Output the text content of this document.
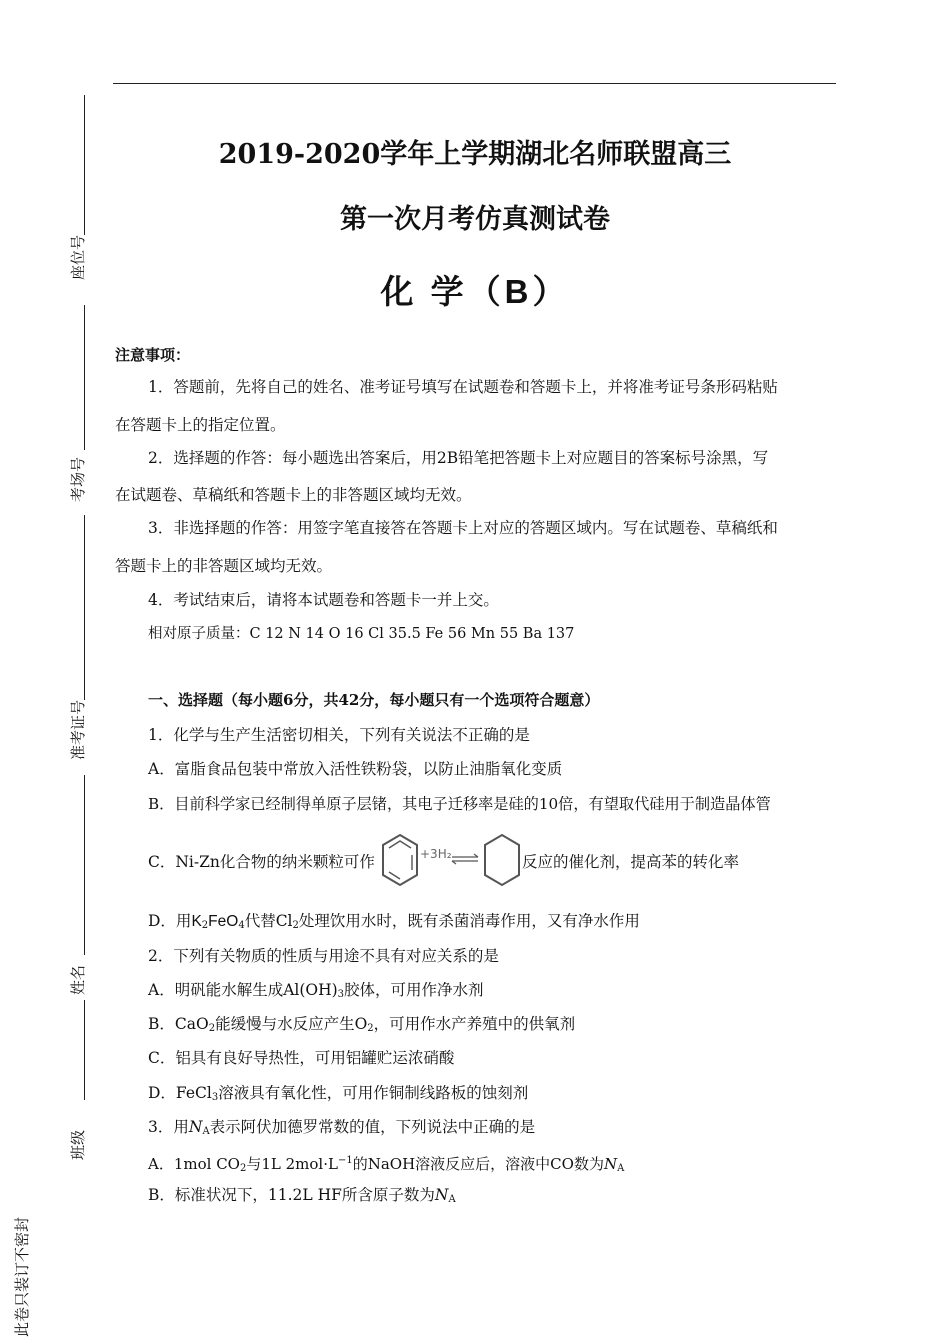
座位号
考场号
准考证号
姓名
班级
此卷只装订不密封
2019-2020学年上学期湖北名师联盟高三
第一次月考仿真测试卷
化 学（B）
注意事项：
1．答题前，先将自己的姓名、准考证号填写在试题卷和答题卡上，并将准考证号条形码粘贴
在答题卡上的指定位置。
2．选择题的作答：每小题选出答案后，用2B铅笔把答题卡上对应题目的答案标号涂黑，写
在试题卷、草稿纸和答题卡上的非答题区域均无效。
3．非选择题的作答：用签字笔直接答在答题卡上对应的答题区域内。写在试题卷、草稿纸和
答题卡上的非答题区域均无效。
4．考试结束后，请将本试题卷和答题卡一并上交。
相对原子质量：C 12 N 14 O 16 Cl 35.5 Fe 56 Mn 55 Ba 137
一、选择题（每小题6分，共42分，每小题只有一个选项符合题意）
1．化学与生产生活密切相关，下列有关说法不正确的是
A．富脂食品包装中常放入活性铁粉袋，以防止油脂氧化变质
B．目前科学家已经制得单原子层锗，其电子迁移率是硅的10倍，有望取代硅用于制造晶体管
C．Ni-Zn化合物的纳米颗粒可作	+3H₂	反应的催化剂，提高苯的转化率
D．用$K_2FeO_4$代替$Cl_2$处理饮用水时，既有杀菌消毒作用，又有净水作用
2．下列有关物质的性质与用途不具有对应关系的是
A．明矾能水解生成$Al(OH)_3$胶体，可用作净水剂
B．CaO$_2$能缓慢与水反应产生$O_2$，可用作水产养殖中的供氧剂
C．铝具有良好导热性，可用铝罐贮运浓硝酸
D．FeCl$_3$溶液具有氧化性，可用作铜制线路板的蚀刻剂
3．用$N_A$表示阿伏加德罗常数的值，下列说法中正确的是
A．1mol $CO_2$与1L $2mol\cdot L^{-1}$的NaOH溶液反应后，溶液中CO数为$N_A$
B．标准状况下，11.2L HF所含原子数为$N_A$
